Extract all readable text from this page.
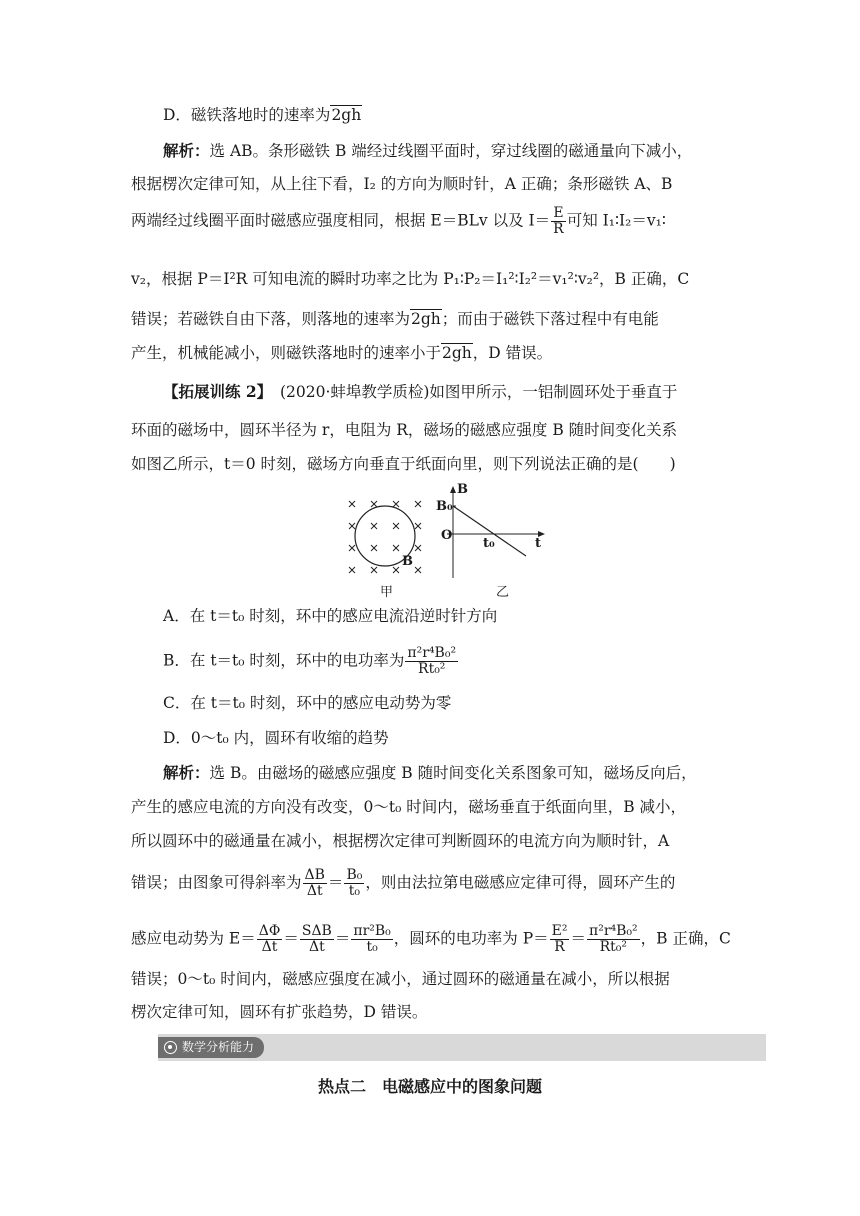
D．磁铁落地时的速率为2gh
解析：选 AB。条形磁铁 B 端经过线圈平面时，穿过线圈的磁通量向下减小，
根据楞次定律可知，从上往下看，I₂ 的方向为顺时针，A 正确；条形磁铁 A、B
两端经过线圈平面时磁感应强度相同，根据 E＝BLv 以及 $I= \frac{E}{R}$ 可知 I₁∶I₂＝v₁∶
v₂，根据 P＝I²R 可知电流的瞬时功率之比为 P₁∶P₂＝I₁²∶I₂²＝v₁²∶v₂²，B 正确，C
错误；若磁铁自由下落，则落地的速率为2gh；而由于磁铁下落过程中有电能
产生，机械能减小，则磁铁落地时的速率小于2gh，D 错误。
【拓展训练 2】　 (2020·蚌埠教学质检)如图甲所示，一铝制圆环处于垂直于
环面的磁场中，圆环半径为 r，电阻为 R，磁场的磁感应强度 B 随时间变化关系
如图乙所示，t＝0 时刻，磁场方向垂直于纸面向里，则下列说法正确的是(　　)
B
B₀
O
t₀	t
B
甲	乙
A．在 t＝t₀ 时刻，环中的感应电流沿逆时针方向
B．在 t＝t₀ 时刻，环中的电功率为 $\frac{\text{π²r⁴B₀²}}{\text{Rt₀²}}$
C．在 t＝t₀ 时刻，环中的感应电动势为零
D．0～t₀ 内，圆环有收缩的趋势
解析：选 B。由磁场的磁感应强度 B 随时间变化关系图象可知，磁场反向后，
产生的感应电流的方向没有改变，0～t₀ 时间内，磁场垂直于纸面向里，B 减小，
所以圆环中的磁通量在减小，根据楞次定律可判断圆环的电流方向为顺时针，A
错误；由图象可得斜率为 $\frac{\Delta B}{\Delta t} = \frac{\text{B₀}}{\text{t₀}}$ ，则由法拉第电磁感应定律可得，圆环产生的
感应电动势为 $E= \frac{\Delta\Phi}{\Delta t} = \frac{\text{SΔB}}{\Delta t} = \frac{\text{πr²B₀}}{\text{t₀}}$ ，圆环的电功率为 $P= \frac{\text{E²}}{R} = \frac{\text{π²r⁴B₀²}}{\text{Rt₀²}}$ ，B 正确，C
错误；0～t₀ 时间内，磁感应强度在减小，通过圆环的磁通量在减小，所以根据
楞次定律可知，圆环有扩张趋势，D 错误。
数学分析能力
热点二　电磁感应中的图象问题
